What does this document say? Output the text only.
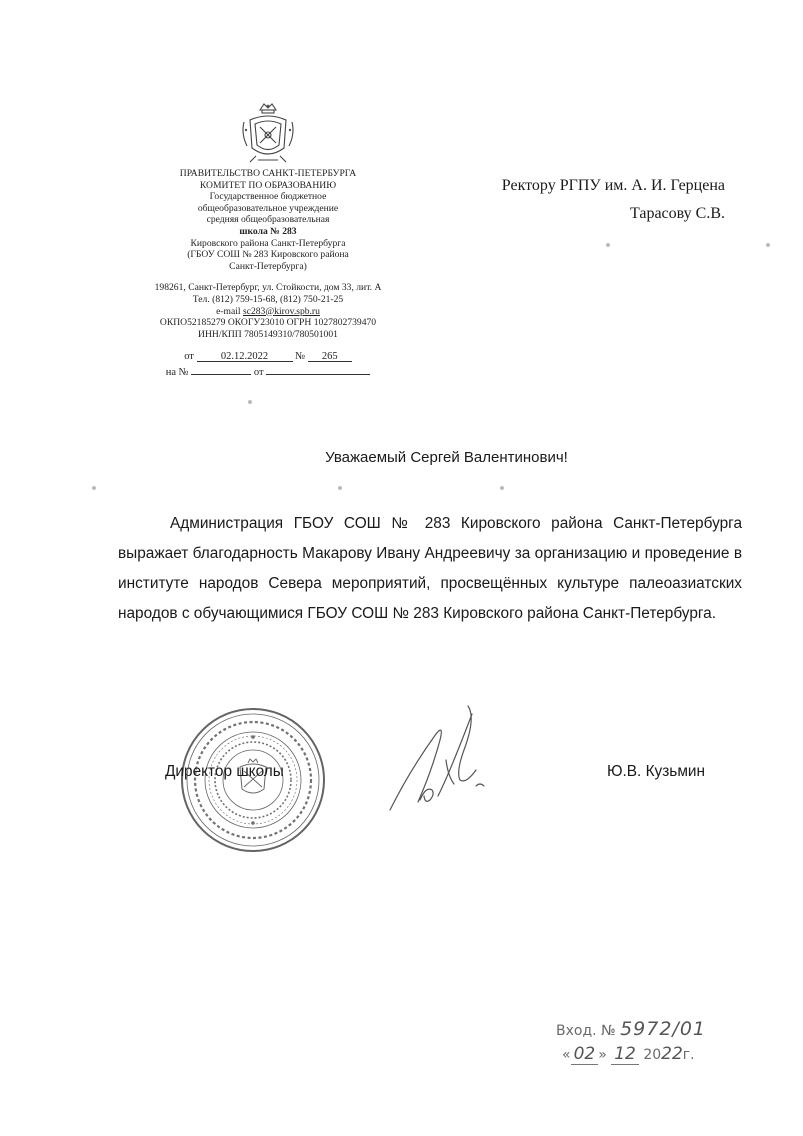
ПРАВИТЕЛЬСТВО САНКТ-ПЕТЕРБУРГА
КОМИТЕТ ПО ОБРАЗОВАНИЮ
Государственное бюджетное
общеобразовательное учреждение
средняя общеобразовательная
школа № 283
Кировского района Санкт-Петербурга
(ГБОУ СОШ № 283 Кировского района
Санкт-Петербурга)
198261, Санкт-Петербург, ул. Стойкости, дом 33, лит. А
Тел. (812) 759-15-68, (812) 750-21-25
e-mail sc283@kirov.spb.ru
ОКПО52185279 ОКОГУ23010 ОГРН 1027802739470
ИНН/КПП 7805149310/780501001
от	02.12.2022	№ 265
на №	от
Ректору РГПУ им. А. И. Герцена
Тарасову С.В.
Уважаемый Сергей Валентинович!
Администрация ГБОУ СОШ № 283 Кировского района Санкт-Петербурга выражает благодарность Макарову Ивану Андреевичу за организацию и проведение в институте народов Севера мероприятий, просвещённых культуре палеоазиатских народов с обучающимися ГБОУ СОШ № 283 Кировского района Санкт-Петербурга.
Директор школы	Ю.В. Кузьмин
Вход. № 5972/01
« 02 » 12 2022г.
